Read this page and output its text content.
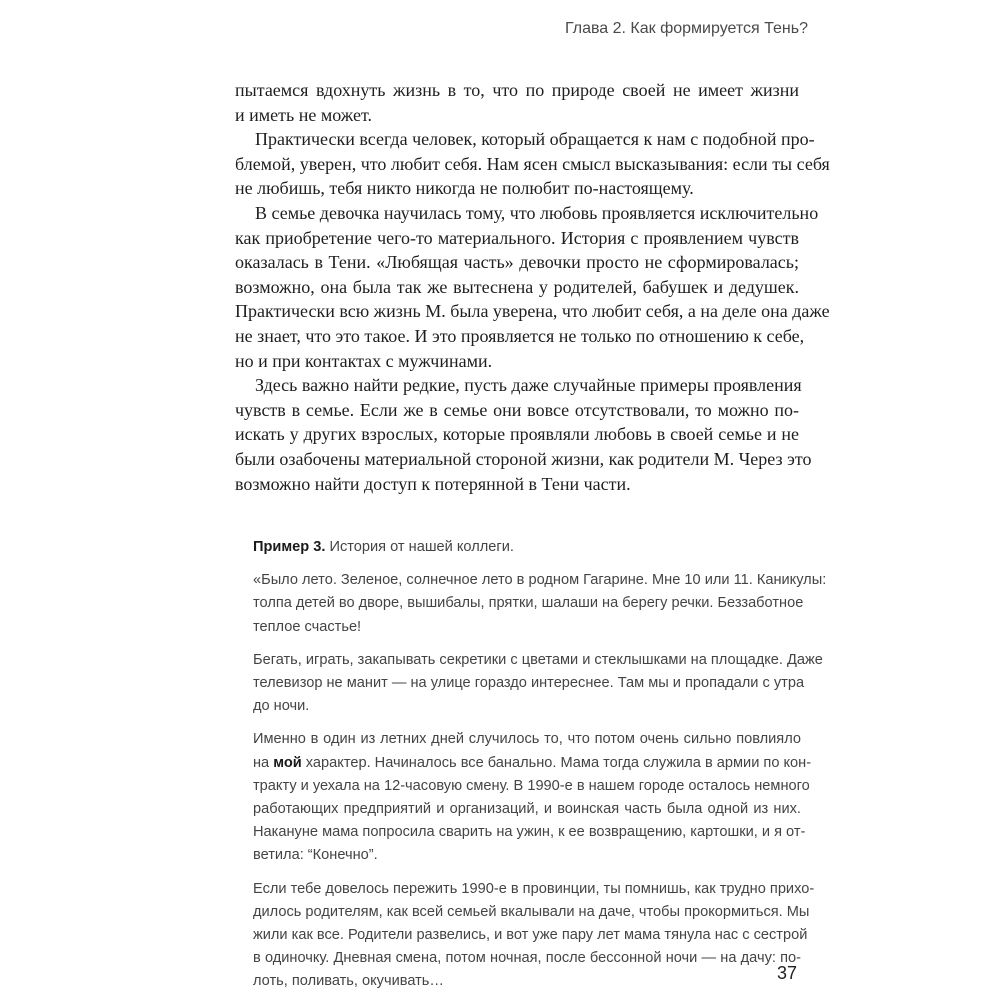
Глава 2. Как формируется Тень?

пытаемся вдохнуть жизнь в то, что по природе своей не имеет жизни
и иметь не может.

Практически всегда человек, который обращается к нам с подобной про-
блемой, уверен, что любит себя. Нам ясен смысл высказывания: если ты себя
не любишь, тебя никто никогда не полюбит по-настоящему.

В семье девочка научилась тому, что любовь проявляется исключительно
как приобретение чего-то материального. История с проявлением чувств
оказалась в Тени. «Любящая часть» девочки просто не сформировалась;
возможно, она была так же вытеснена у родителей, бабушек и дедушек.
Практически всю жизнь М. была уверена, что любит себя, а на деле она даже
не знает, что это такое. И это проявляется не только по отношению к себе,
но и при контактах с мужчинами.

Здесь важно найти редкие, пусть даже случайные примеры проявления
чувств в семье. Если же в семье они вовсе отсутствовали, то можно по-
искать у других взрослых, которые проявляли любовь в своей семье и не
были озабочены материальной стороной жизни, как родители М. Через это
возможно найти доступ к потерянной в Тени части.

Пример 3. История от нашей коллеги.

«Было лето. Зеленое, солнечное лето в родном Гагарине. Мне 10 или 11. Каникулы:
толпа детей во дворе, вышибалы, прятки, шалаши на берегу речки. Беззаботное
теплое счастье!

Бегать, играть, закапывать секретики с цветами и стеклышками на площадке. Даже
телевизор не манит — на улице гораздо интереснее. Там мы и пропадали с утра
до ночи.

Именно в один из летних дней случилось то, что потом очень сильно повлияло
на мой характер. Начиналось все банально. Мама тогда служила в армии по кон-
тракту и уехала на 12-часовую смену. В 1990-е в нашем городе осталось немного
работающих предприятий и организаций, и воинская часть была одной из них.
Накануне мама попросила сварить на ужин, к ее возвращению, картошки, и я от-
ветила: “Конечно”.

Если тебе довелось пережить 1990-е в провинции, ты помнишь, как трудно прихо-
дилось родителям, как всей семьей вкалывали на даче, чтобы прокормиться. Мы
жили как все. Родители развелись, и вот уже пару лет мама тянула нас с сестрой
в одиночку. Дневная смена, потом ночная, после бессонной ночи — на дачу: по-
лоть, поливать, окучивать…	37
